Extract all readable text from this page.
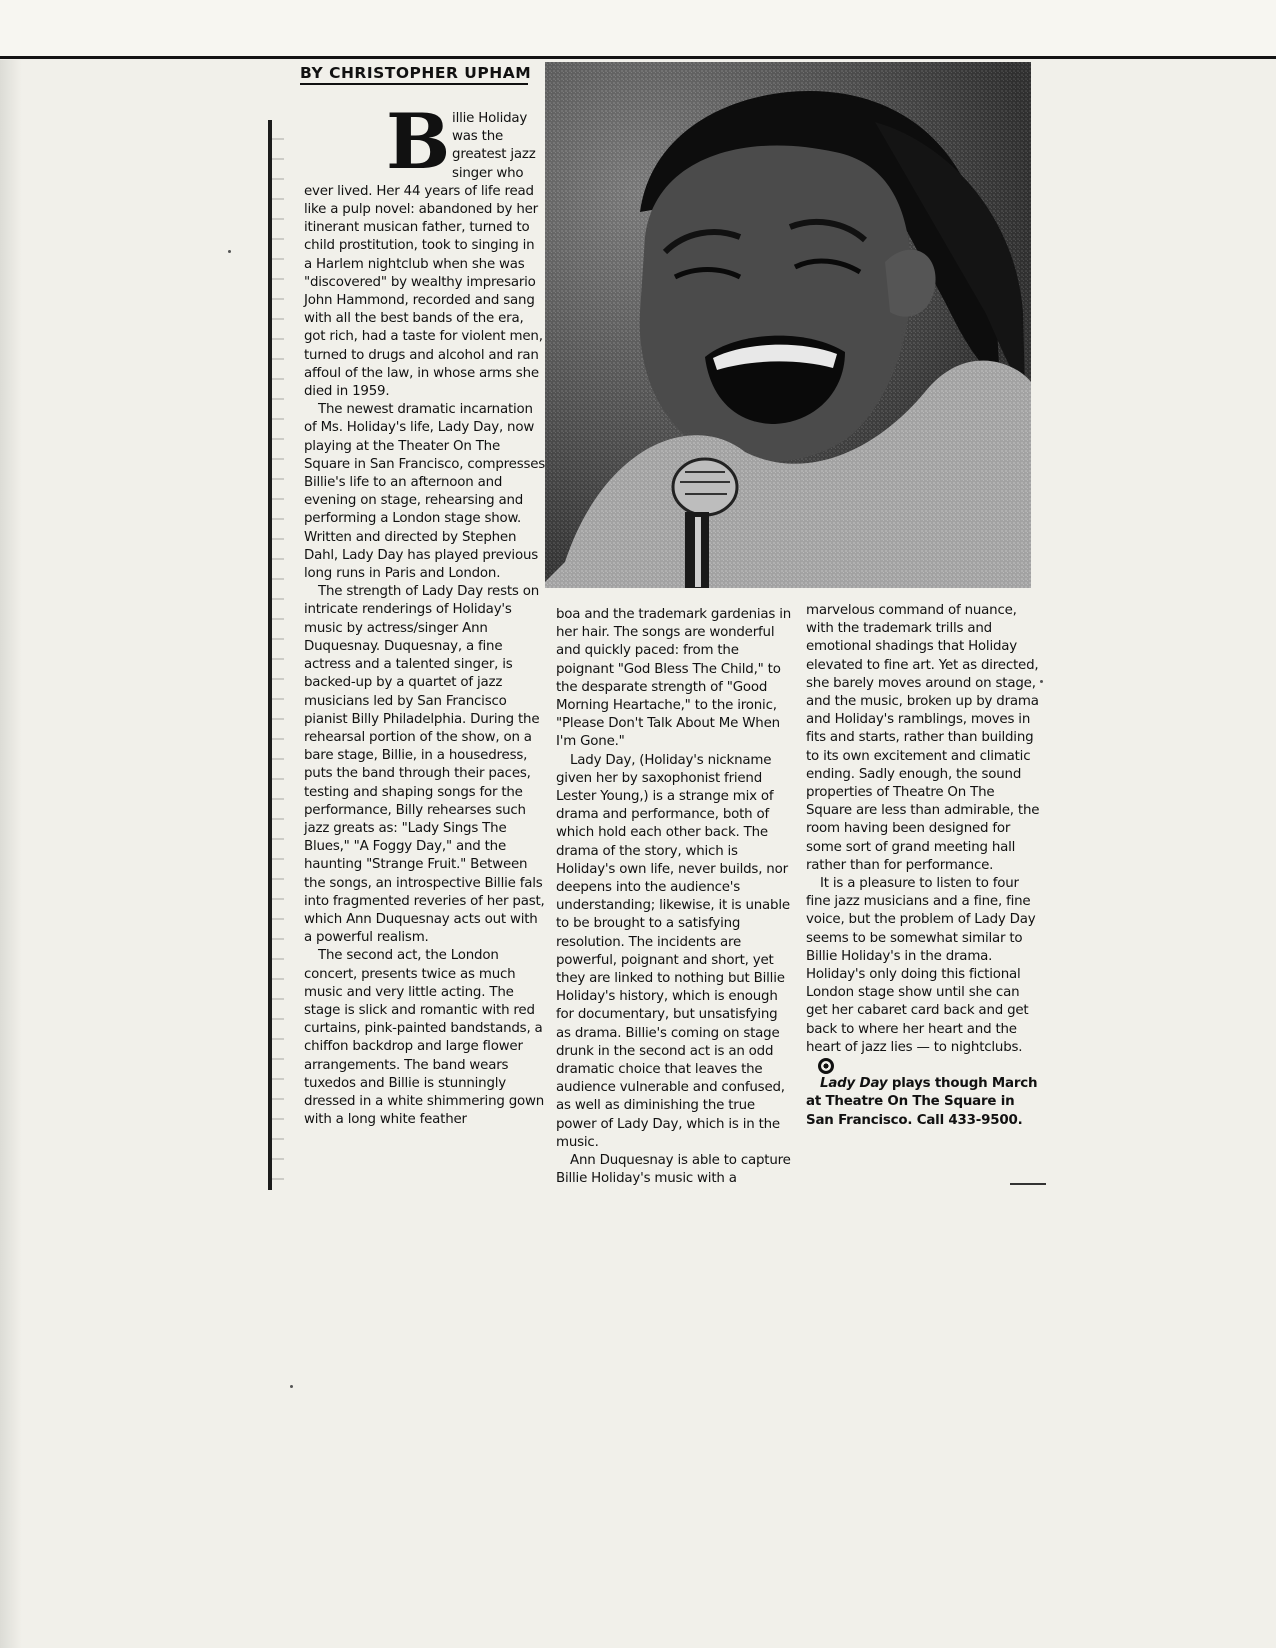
BY CHRISTOPHER UPHAM

B illie Holiday was the greatest jazz singer who ever lived. Her 44 years of life read like a pulp novel: abandoned by her itinerant musican father, turned to child prostitution, took to singing in a Harlem nightclub when she was "discovered" by wealthy impresario John Hammond, recorded and sang with all the best bands of the era, got rich, had a taste for violent men, turned to drugs and alcohol and ran affoul of the law, in whose arms she died in 1959.

The newest dramatic incarnation of Ms. Holiday's life, Lady Day, now playing at the Theater On The Square in San Francisco, compresses Billie's life to an afternoon and evening on stage, rehearsing and performing a London stage show. Written and directed by Stephen Dahl, Lady Day has played previous long runs in Paris and London.

The strength of Lady Day rests on intricate renderings of Holiday's music by actress/singer Ann Duquesnay. Duquesnay, a fine actress and a talented singer, is backed-up by a quartet of jazz musicians led by San Francisco pianist Billy Philadelphia. During the rehearsal portion of the show, on a bare stage, Billie, in a housedress, puts the band through their paces, testing and shaping songs for the performance, Billy rehearses such jazz greats as: "Lady Sings The Blues," "A Foggy Day," and the haunting "Strange Fruit." Between the songs, an introspective Billie fals into fragmented reveries of her past, which Ann Duquesnay acts out with a powerful realism.

The second act, the London concert, presents twice as much music and very little acting. The stage is slick and romantic with red curtains, pink-painted bandstands, a chiffon backdrop and large flower arrangements. The band wears tuxedos and Billie is stunningly dressed in a white shimmering gown with a long white feather

boa and the trademark gardenias in her hair. The songs are wonderful and quickly paced: from the poignant "God Bless The Child," to the desparate strength of "Good Morning Heartache," to the ironic, "Please Don't Talk About Me When I'm Gone."

Lady Day, (Holiday's nickname given her by saxophonist friend Lester Young,) is a strange mix of drama and performance, both of which hold each other back. The drama of the story, which is Holiday's own life, never builds, nor deepens into the audience's understanding; likewise, it is unable to be brought to a satisfying resolution. The incidents are powerful, poignant and short, yet they are linked to nothing but Billie Holiday's history, which is enough for documentary, but unsatisfying as drama. Billie's coming on stage drunk in the second act is an odd dramatic choice that leaves the audience vulnerable and confused, as well as diminishing the true power of Lady Day, which is in the music.

Ann Duquesnay is able to capture Billie Holiday's music with a

marvelous command of nuance, with the trademark trills and emotional shadings that Holiday elevated to fine art. Yet as directed, she barely moves around on stage, and the music, broken up by drama and Holiday's ramblings, moves in fits and starts, rather than building to its own excitement and climatic ending. Sadly enough, the sound properties of Theatre On The Square are less than admirable, the room having been designed for some sort of grand meeting hall rather than for performance.

It is a pleasure to listen to four fine jazz musicians and a fine, fine voice, but the problem of Lady Day seems to be somewhat similar to Billie Holiday's in the drama. Holiday's only doing this fictional London stage show until she can get her cabaret card back and get back to where her heart and the heart of jazz lies — to nightclubs.

Lady Day plays though March at Theatre On The Square in San Francisco. Call 433-9500.
